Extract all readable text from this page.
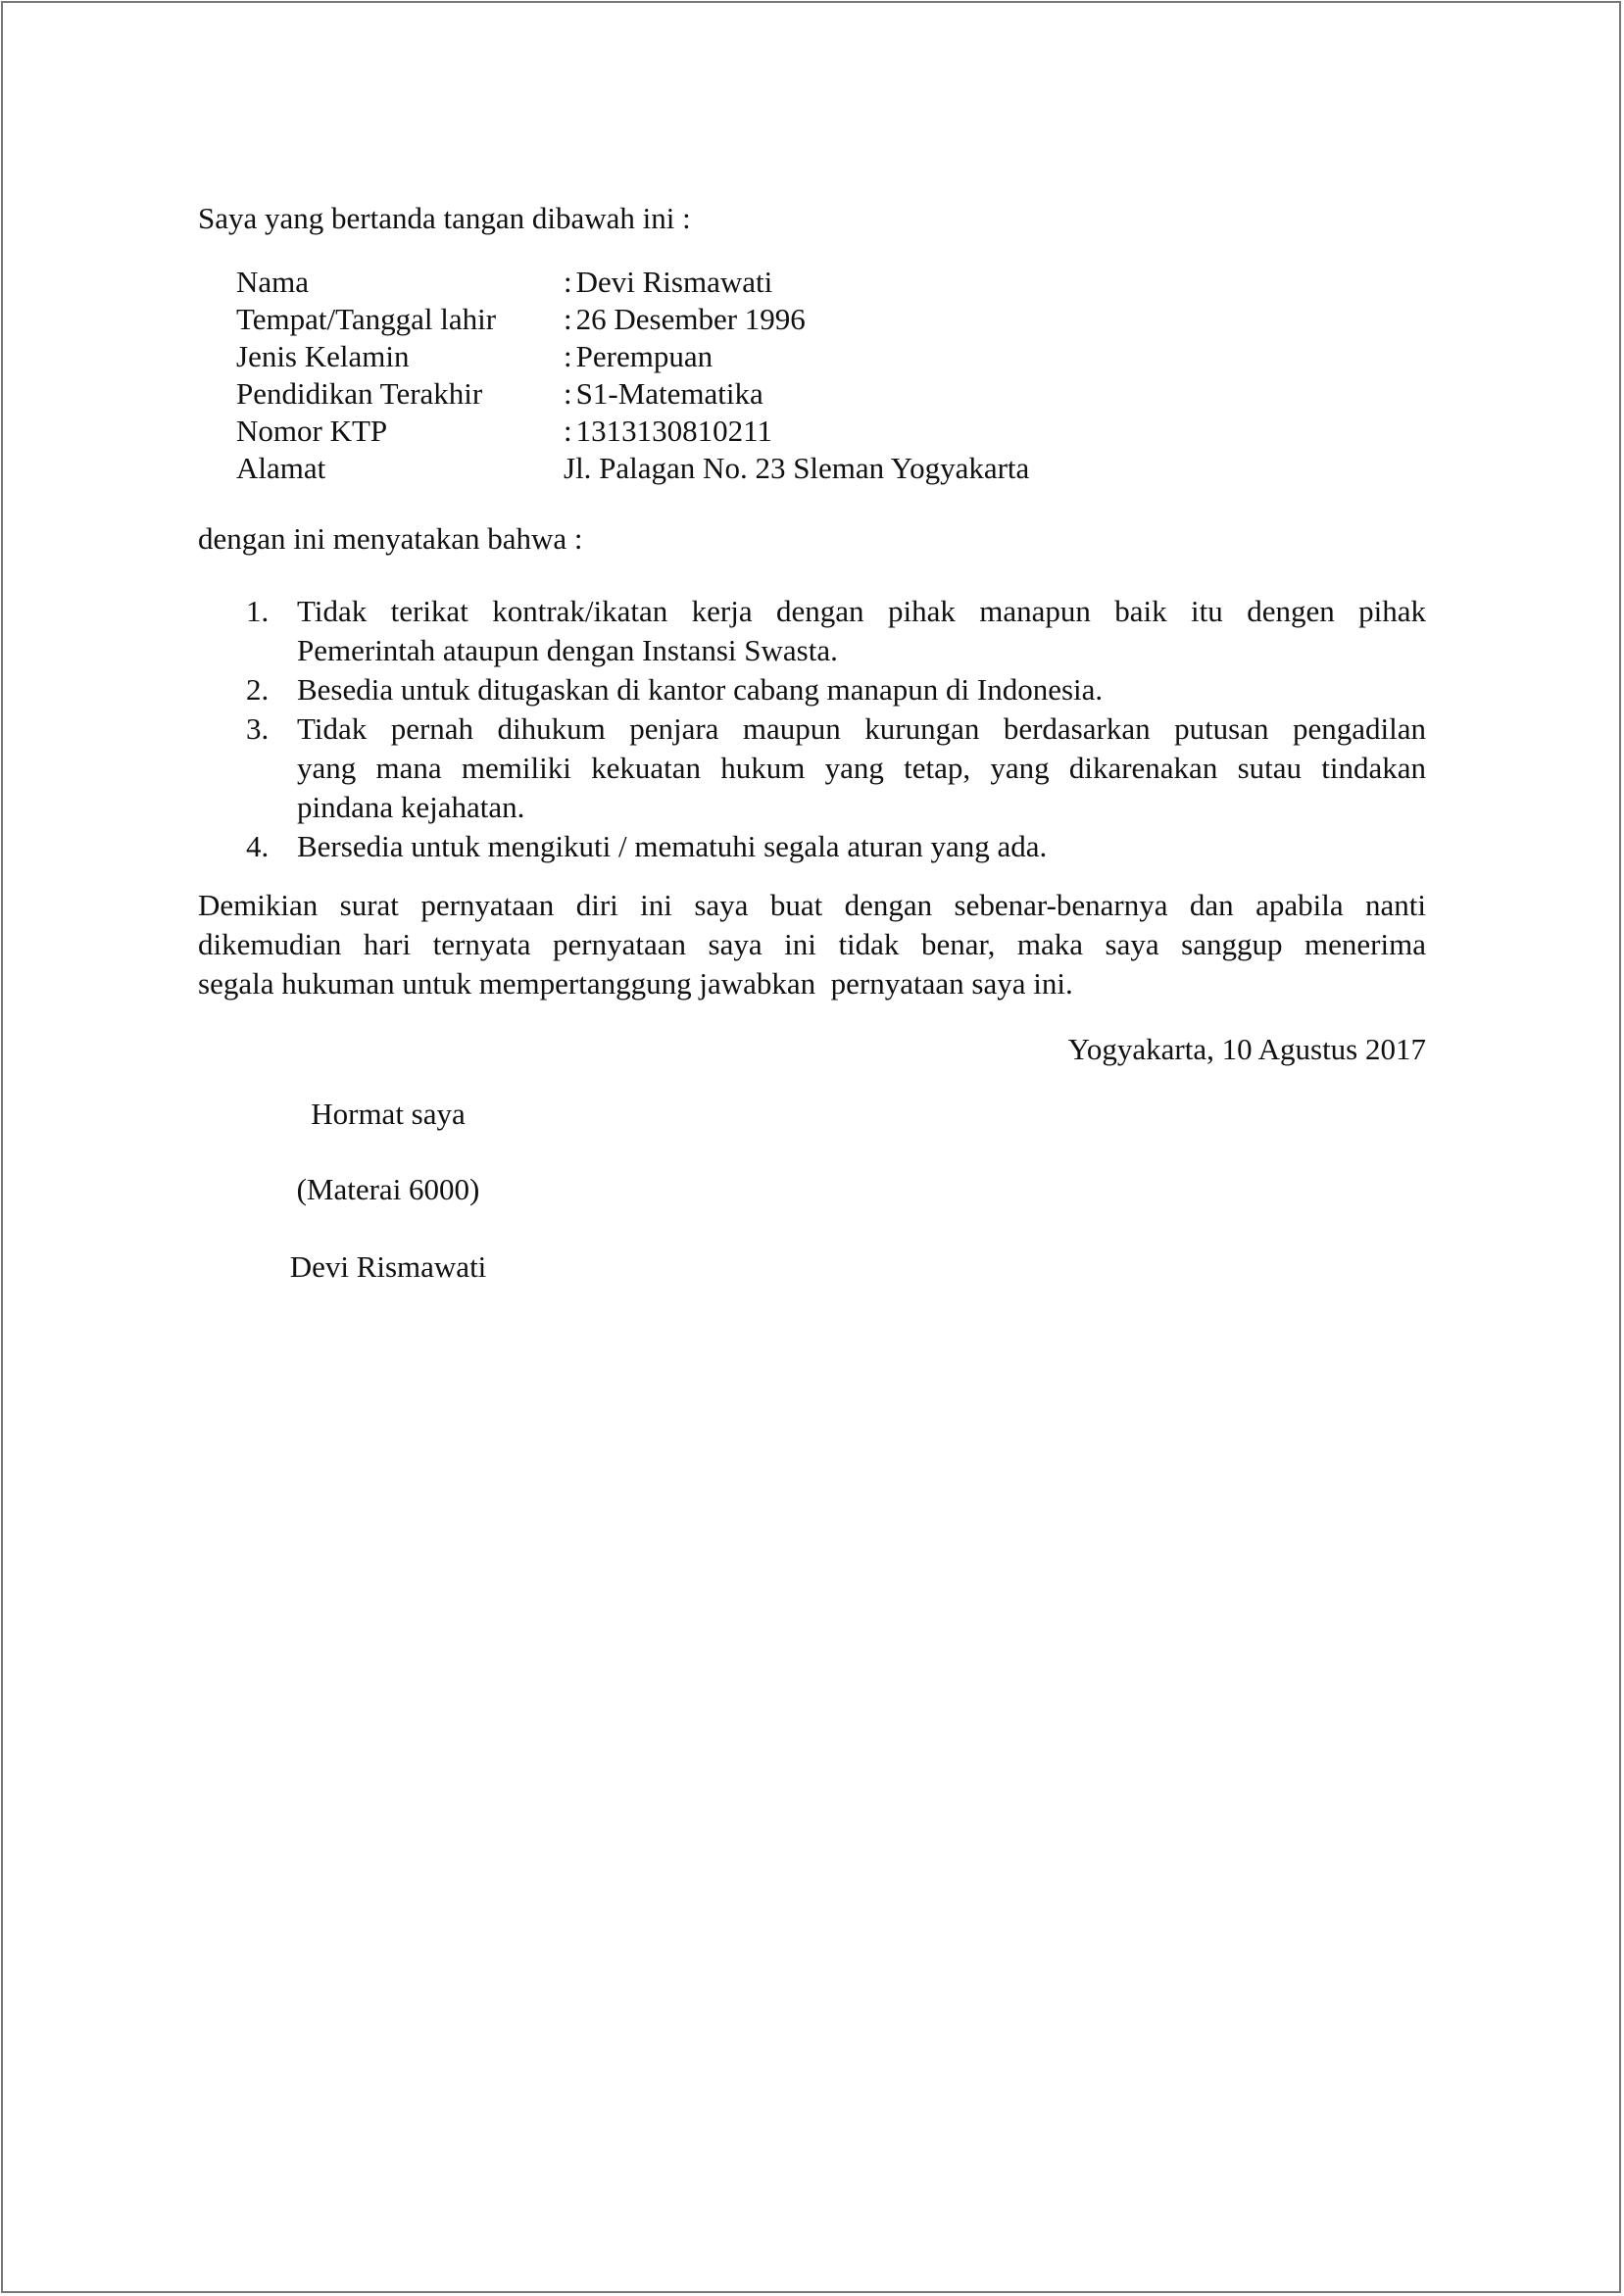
Saya yang bertanda tangan dibawah ini :
Nama	: Devi Rismawati
Tempat/Tanggal lahir : 26 Desember 1996
Jenis Kelamin	: Perempuan
Pendidikan Terakhir	: S1-Matematika
Nomor KTP	: 1313130810211
Alamat	Jl. Palagan No. 23 Sleman Yogyakarta
dengan ini menyatakan bahwa :
1. Tidak terikat kontrak/ikatan kerja dengan pihak manapun baik itu dengen pihak
Pemerintah ataupun dengan Instansi Swasta.
2. Besedia untuk ditugaskan di kantor cabang manapun di Indonesia.
3. Tidak pernah dihukum penjara maupun kurungan berdasarkan putusan pengadilan
yang mana memiliki kekuatan hukum yang tetap, yang dikarenakan sutau tindakan
pindana kejahatan.
4. Bersedia untuk mengikuti / mematuhi segala aturan yang ada.
Demikian surat pernyataan diri ini saya buat dengan sebenar-benarnya dan apabila nanti
dikemudian hari ternyata pernyataan saya ini tidak benar, maka saya sanggup menerima
segala hukuman untuk mempertanggung jawabkan  pernyataan saya ini.
Yogyakarta, 10 Agustus 2017
Hormat saya
(Materai 6000)
Devi Rismawati
